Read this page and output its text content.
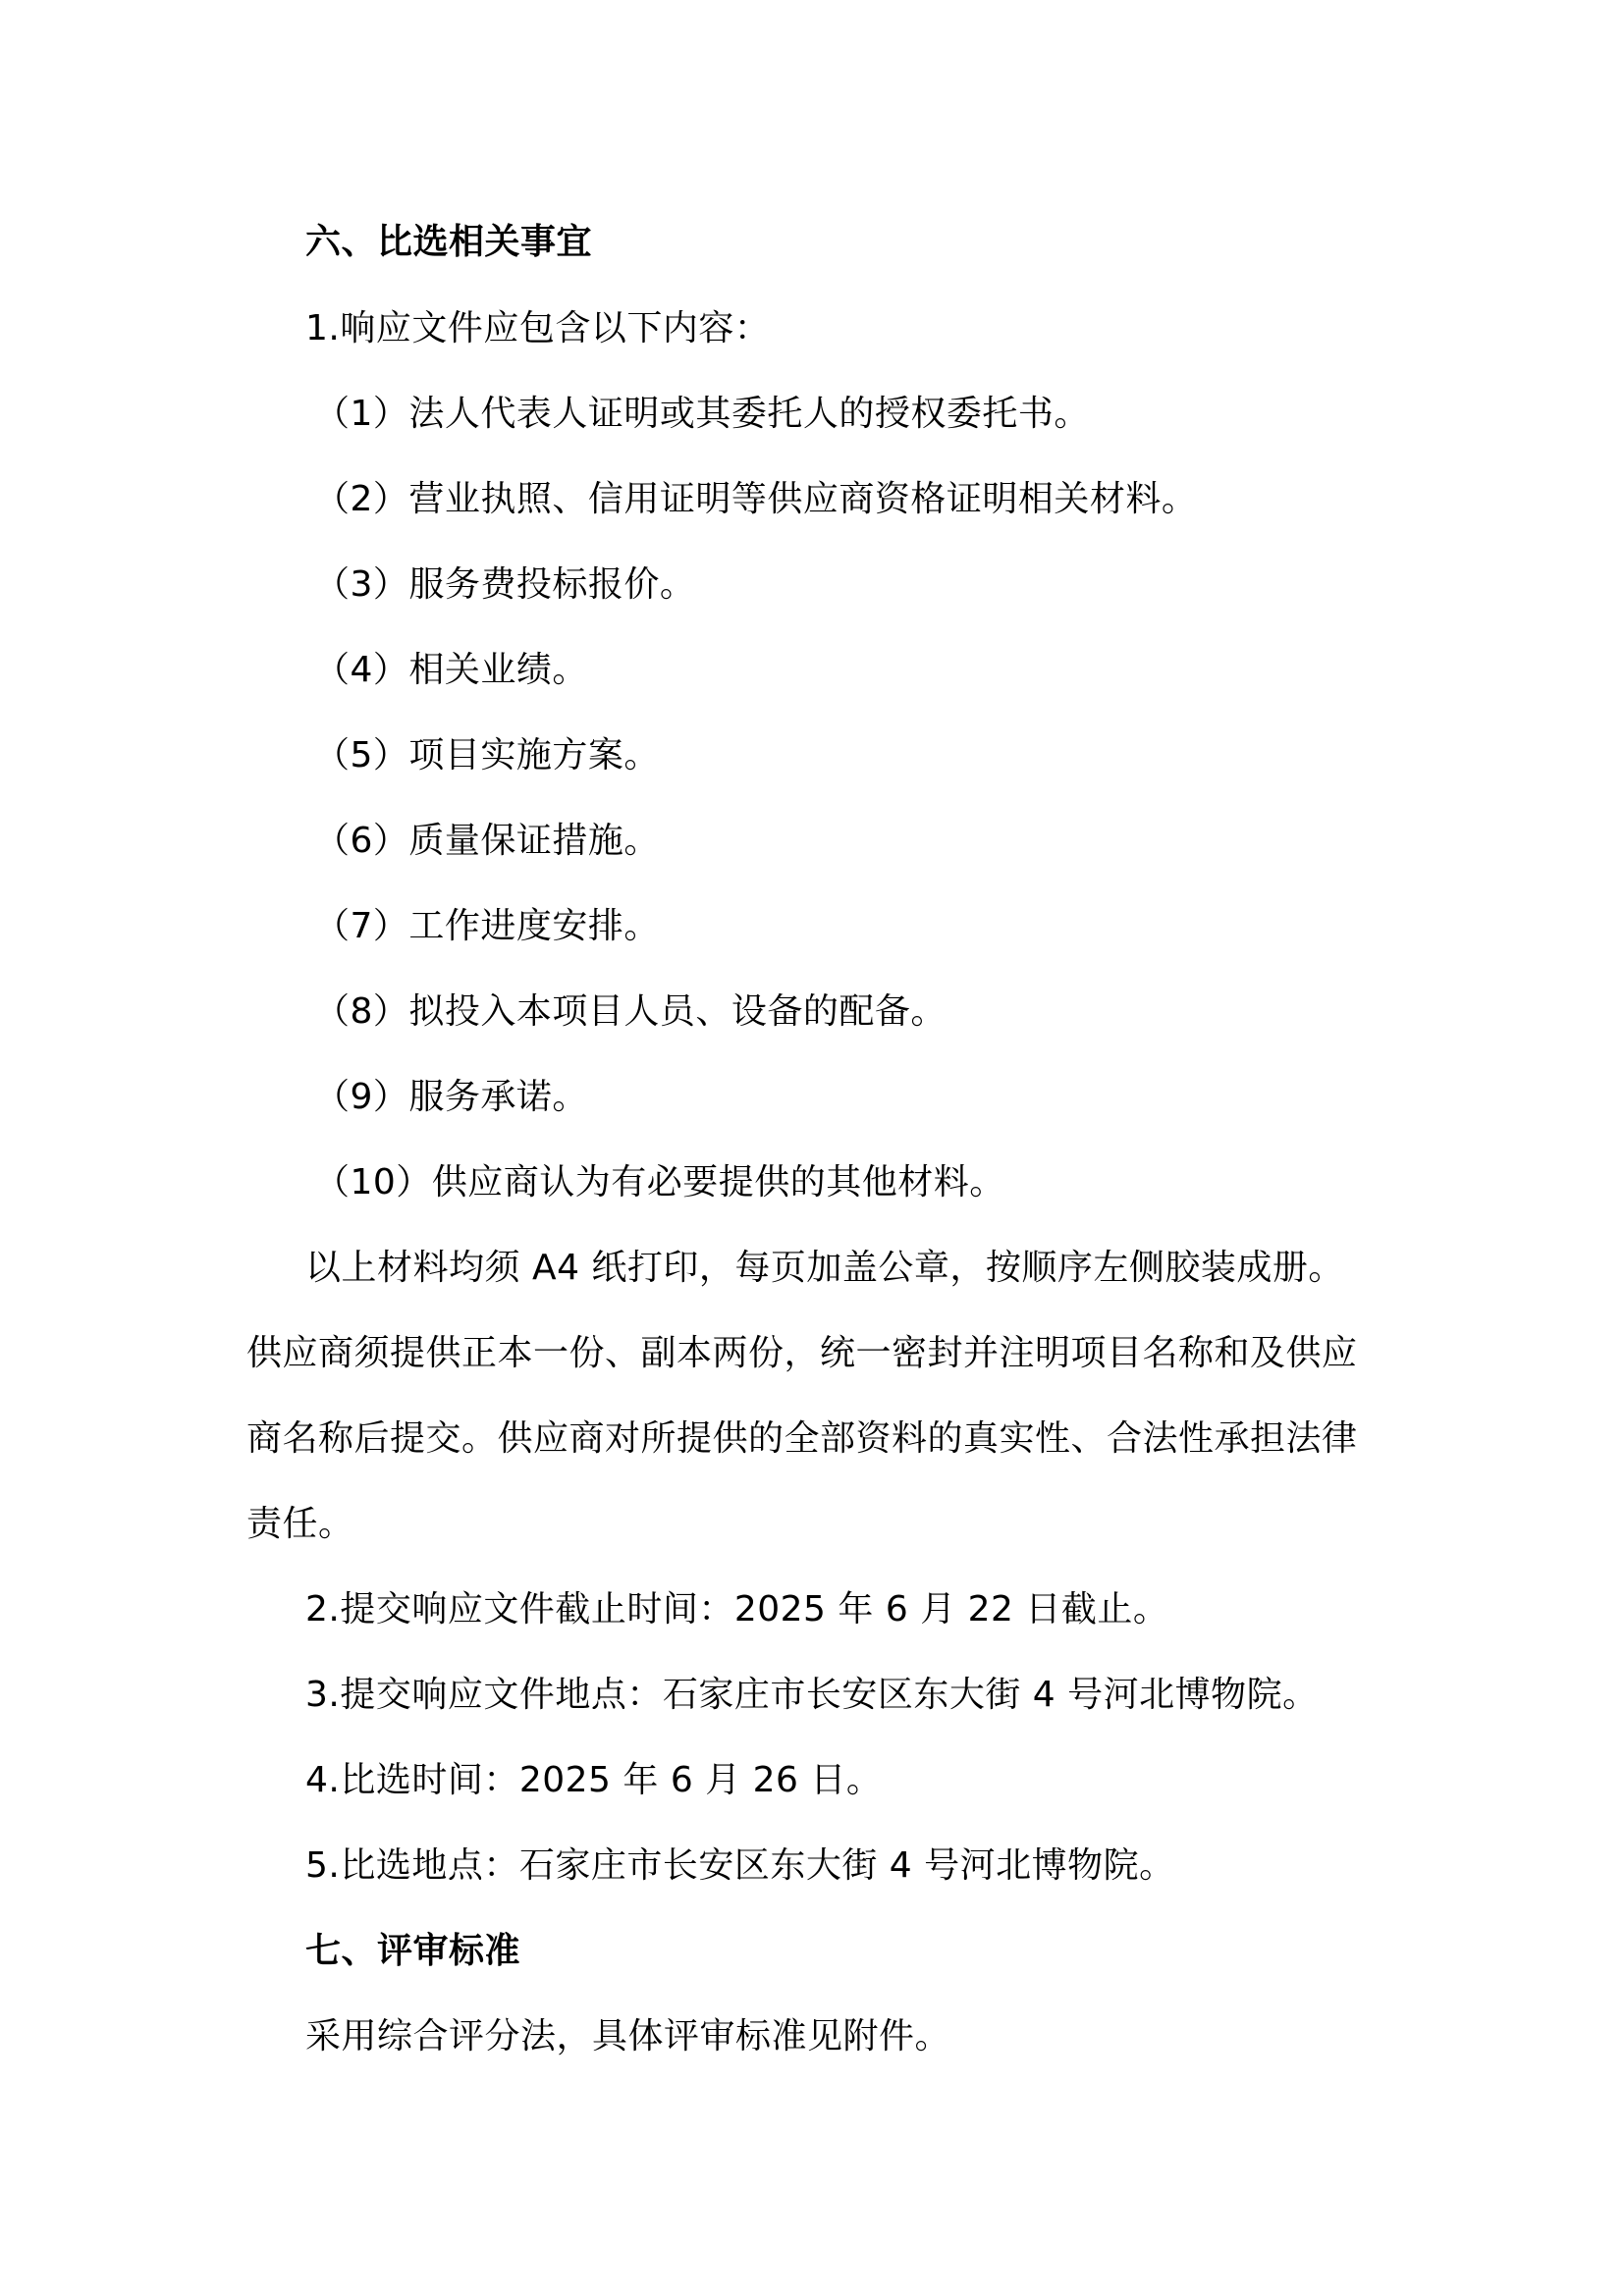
六、比选相关事宜
1.响应文件应包含以下内容：
（1）法人代表人证明或其委托人的授权委托书。
（2）营业执照、信用证明等供应商资格证明相关材料。
（3）服务费投标报价。
（4）相关业绩。
（5）项目实施方案。
（6）质量保证措施。
（7）工作进度安排。
（8）拟投入本项目人员、设备的配备。
（9）服务承诺。
（10）供应商认为有必要提供的其他材料。
以上材料均须 A4 纸打印，每页加盖公章，按顺序左侧胶装成册。
供应商须提供正本一份、副本两份，统一密封并注明项目名称和及供应
商名称后提交。供应商对所提供的全部资料的真实性、合法性承担法律
责任。
2.提交响应文件截止时间：2025 年 6 月 22 日截止。
3.提交响应文件地点：石家庄市长安区东大街 4 号河北博物院。
4.比选时间：2025 年 6 月 26 日。
5.比选地点：石家庄市长安区东大街 4 号河北博物院。
七、评审标准
采用综合评分法，具体评审标准见附件。
